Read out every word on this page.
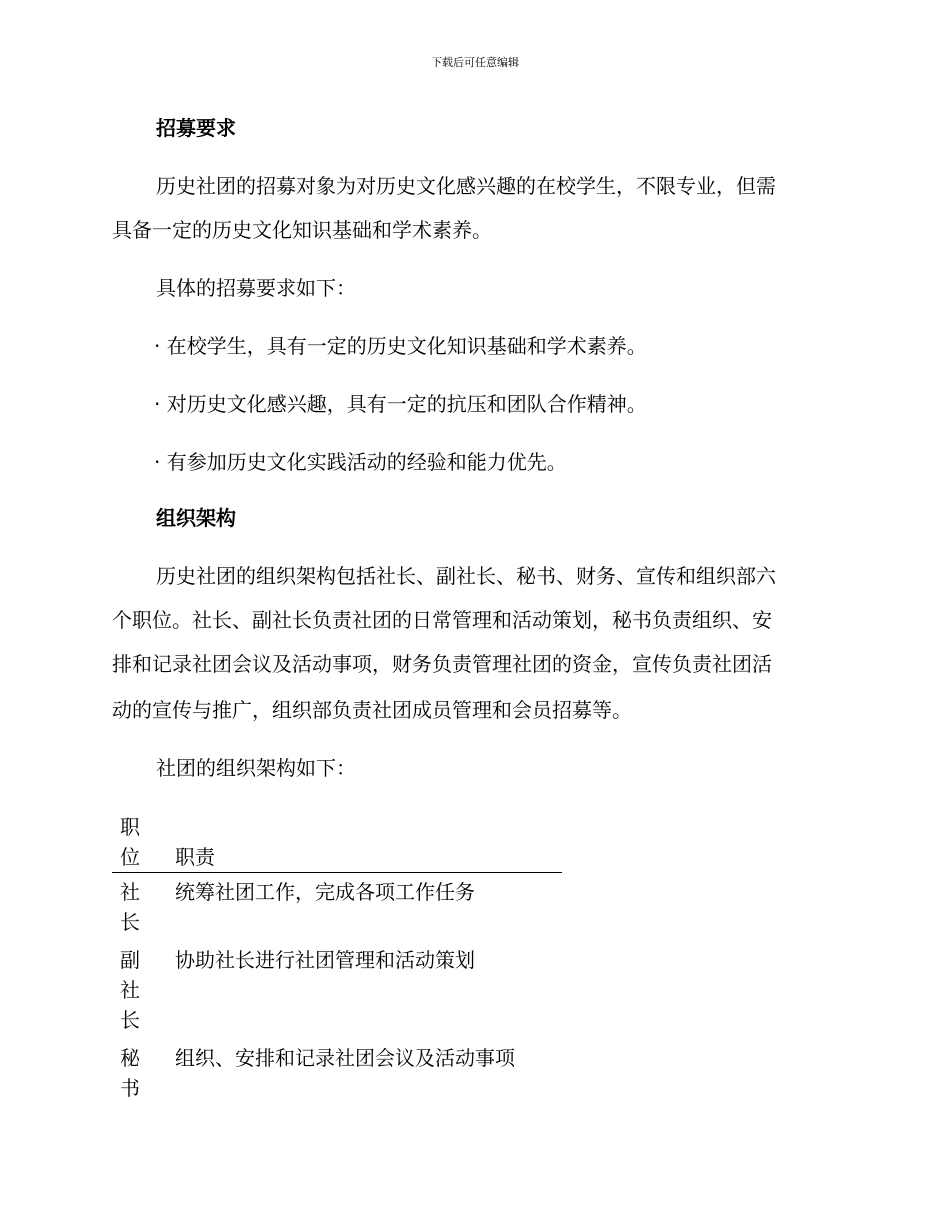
下载后可任意编辑
招募要求
历史社团的招募对象为对历史文化感兴趣的在校学生，不限专业，但需
具备一定的历史文化知识基础和学术素养。
具体的招募要求如下：
· 在校学生，具有一定的历史文化知识基础和学术素养。
· 对历史文化感兴趣，具有一定的抗压和团队合作精神。
· 有参加历史文化实践活动的经验和能力优先。
组织架构
历史社团的组织架构包括社长、副社长、秘书、财务、宣传和组织部六
个职位。社长、副社长负责社团的日常管理和活动策划，秘书负责组织、安
排和记录社团会议及活动事项，财务负责管理社团的资金，宣传负责社团活
动的宣传与推广，组织部负责社团成员管理和会员招募等。
社团的组织架构如下：
职位	职责
社长	统筹社团工作，完成各项工作任务
副社长	协助社长进行社团管理和活动策划
秘书	组织、安排和记录社团会议及活动事项
